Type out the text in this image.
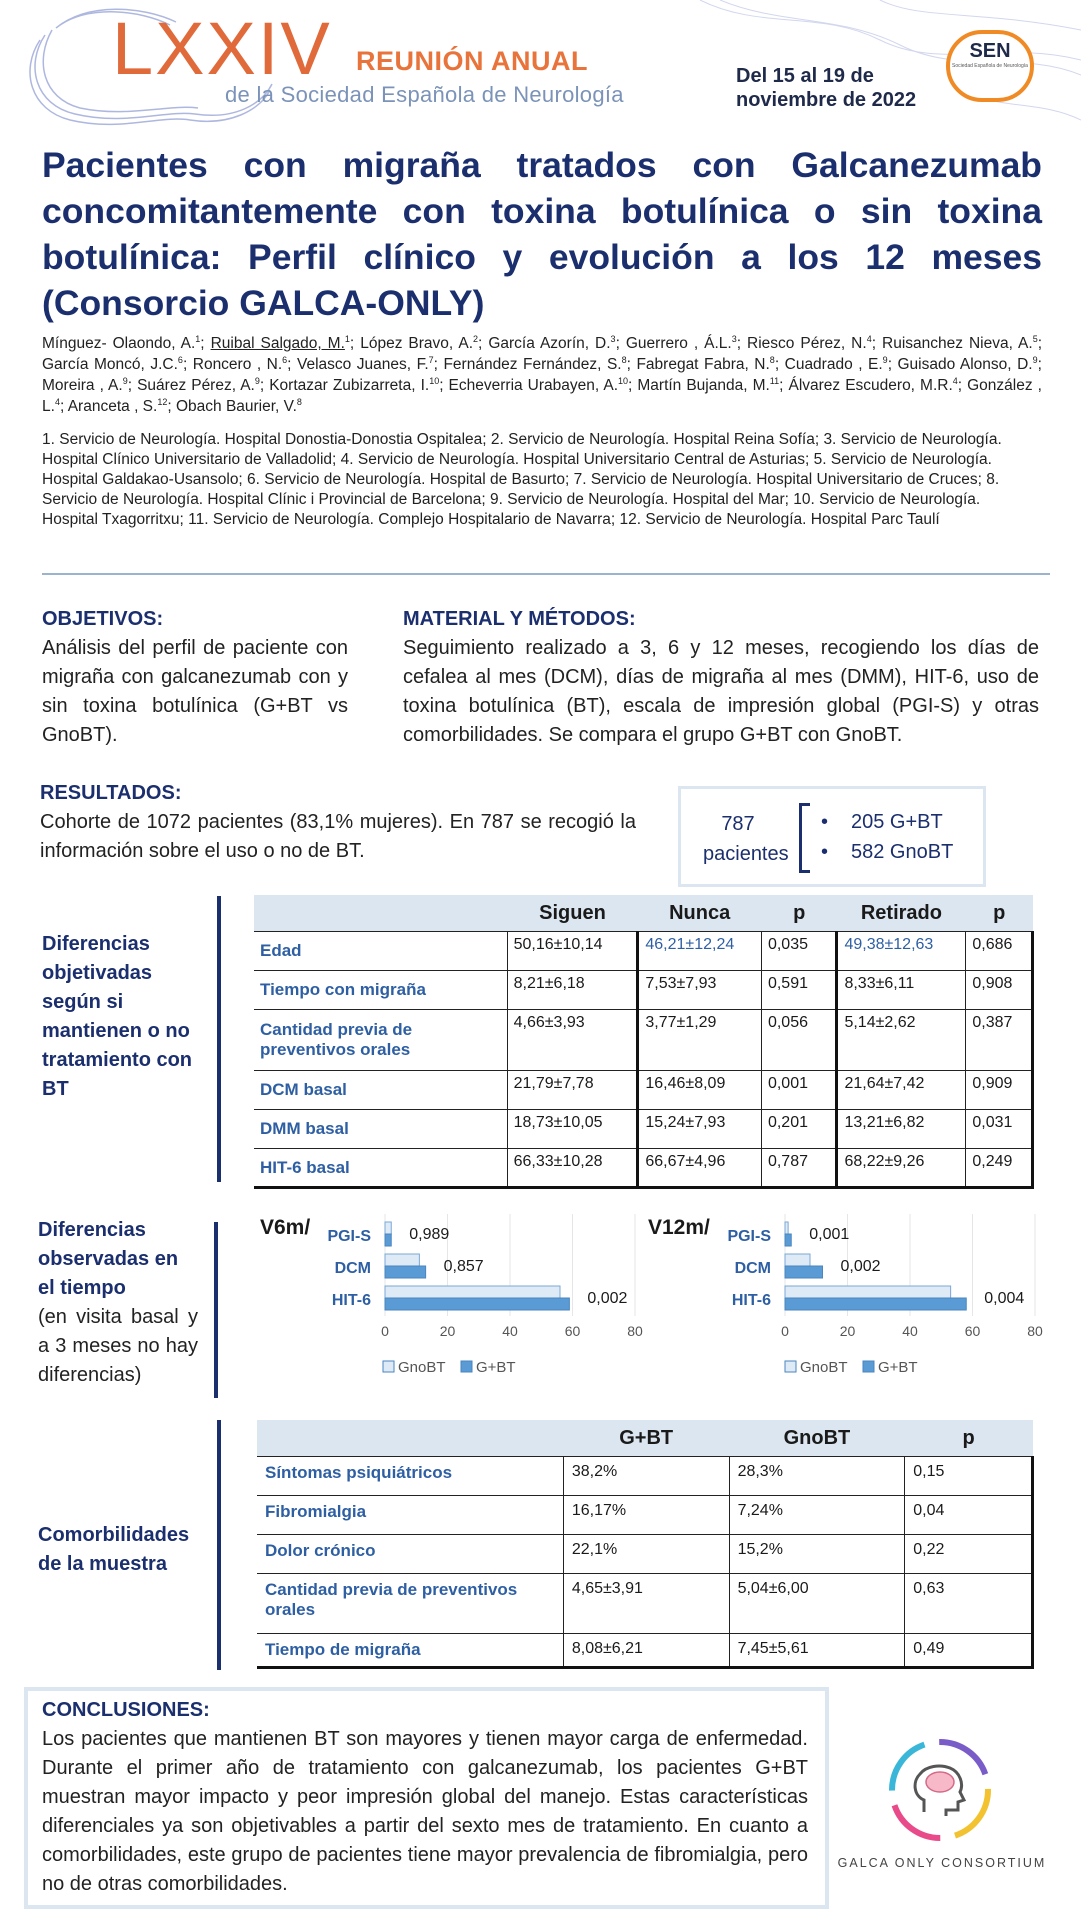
LXXIV REUNIÓN ANUAL
de la Sociedad Española de Neurología
Del 15 al 19 de
noviembre de 2022
SEN
Sociedad Española de Neurología
Pacientes con migraña tratados con Galcanezumab concomitantemente con toxina botulínica o sin toxina botulínica: Perfil clínico y evolución a los 12 meses (Consorcio GALCA-ONLY)
Mínguez- Olaondo, A.$^1$; Ruibal Salgado, M.$^1$; López Bravo, A.$^2$; García Azorín, D.$^3$; Guerrero , Á.L.$^3$; Riesco Pérez, N.$^4$; Ruisanchez Nieva, A.$^5$; García Moncó, J.C.$^6$; Roncero , N.$^6$; Velasco Juanes, F.$^7$; Fernández Fernández, S.$^8$; Fabregat Fabra, N.$^8$; Cuadrado , E.$^9$; Guisado Alonso, D.$^9$; Moreira , A.$^9$; Suárez Pérez, A.$^9$; Kortazar Zubizarreta, I.$^{10}$; Echeverria Urabayen, A.$^{10}$; Martín Bujanda, M.$^{11}$; Álvarez Escudero, M.R.$^4$; González , L.$^4$; Aranceta , S.$^{12}$; Obach Baurier, V.$^8$
1. Servicio de Neurología. Hospital Donostia-Donostia Ospitalea; 2. Servicio de Neurología. Hospital Reina Sofía; 3. Servicio de Neurología. Hospital Clínico Universitario de Valladolid; 4. Servicio de Neurología. Hospital Universitario Central de Asturias; 5. Servicio de Neurología. Hospital Galdakao-Usansolo; 6. Servicio de Neurología. Hospital de Basurto; 7. Servicio de Neurología. Hospital Universitario de Cruces; 8. Servicio de Neurología. Hospital Clínic i Provincial de Barcelona; 9. Servicio de Neurología. Hospital del Mar; 10. Servicio de Neurología. Hospital Txagorritxu; 11. Servicio de Neurología. Complejo Hospitalario de Navarra; 12. Servicio de Neurología. Hospital Parc Taulí
OBJETIVOS:
Análisis del perfil de paciente con migraña con galcanezumab con y sin toxina botulínica (G+BT vs GnoBT).
MATERIAL Y MÉTODOS:
Seguimiento realizado a 3, 6 y 12 meses, recogiendo los días de cefalea al mes (DCM), días de migraña al mes (DMM), HIT-6, uso de toxina botulínica (BT), escala de impresión global (PGI-S) y otras comorbilidades. Se compara el grupo G+BT con GnoBT.
RESULTADOS:
Cohorte de 1072 pacientes (83,1% mujeres). En 787 se recogió la información sobre el uso o no de BT.
787
pacientes
• 205 G+BT
• 582 GnoBT
Diferencias objetivadas según si mantienen o no tratamiento con BT
	Siguen	Nunca	p	Retirado	p
Edad	50,16±10,14	46,21±12,24	0,035	49,38±12,63	0,686
Tiempo con migraña	8,21±6,18	7,53±7,93	0,591	8,33±6,11	0,908
Cantidad previa de preventivos orales	4,66±3,93	3,77±1,29	0,056	5,14±2,62	0,387
DCM basal	21,79±7,78	16,46±8,09	0,001	21,64±7,42	0,909
DMM basal	18,73±10,05	15,24±7,93	0,201	13,21±6,82	0,031
HIT-6 basal	66,33±10,28	66,67±4,96	0,787	68,22±9,26	0,249
Diferencias observadas en el tiempo
(en visita basal y a 3 meses no hay diferencias)
V6m/
0	20	40	60	80
PGI-S 0,989
DCM	0,857
HIT-6	0,002
GnoBT G+BT
V12m/
0	20	40	60	80
PGI-S 0,001
DCM	0,002
HIT-6	0,004
GnoBT G+BT
Comorbilidades de la muestra
	G+BT	GnoBT	p
Síntomas psiquiátricos	38,2%	28,3%	0,15
Fibromialgia	16,17%	7,24%	0,04
Dolor crónico	22,1%	15,2%	0,22
Cantidad previa de preventivos orales	4,65±3,91	5,04±6,00	0,63
Tiempo de migraña	8,08±6,21	7,45±5,61	0,49
CONCLUSIONES:
Los pacientes que mantienen BT son mayores y tienen mayor carga de enfermedad. Durante el primer año de tratamiento con galcanezumab, los pacientes G+BT muestran mayor impacto y peor impresión global del manejo. Estas características diferenciales ya son objetivables a partir del sexto mes de tratamiento. En cuanto a comorbilidades, este grupo de pacientes tiene mayor prevalencia de fibromialgia, pero no de otras comorbilidades.
GALCA ONLY CONSORTIUM
